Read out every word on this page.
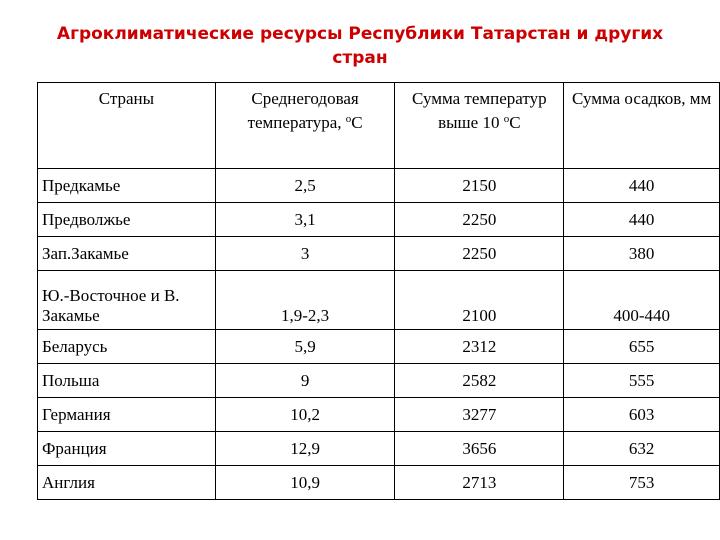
Агроклиматические ресурсы Республики Татарстан и других стран
Страны	Среднегодовая температура, $^о$С	Сумма температур выше 10 $^о$С	Сумма осадков, мм
Предкамье	2,5	2150	440
Предволжье	3,1	2250	440
Зап.Закамье	3	2250	380
Ю.-Восточное и В. Закамье	1,9-2,3	2100	400-440
Беларусь	5,9	2312	655
Польша	9	2582	555
Германия	10,2	3277	603
Франция	12,9	3656	632
Англия	10,9	2713	753
